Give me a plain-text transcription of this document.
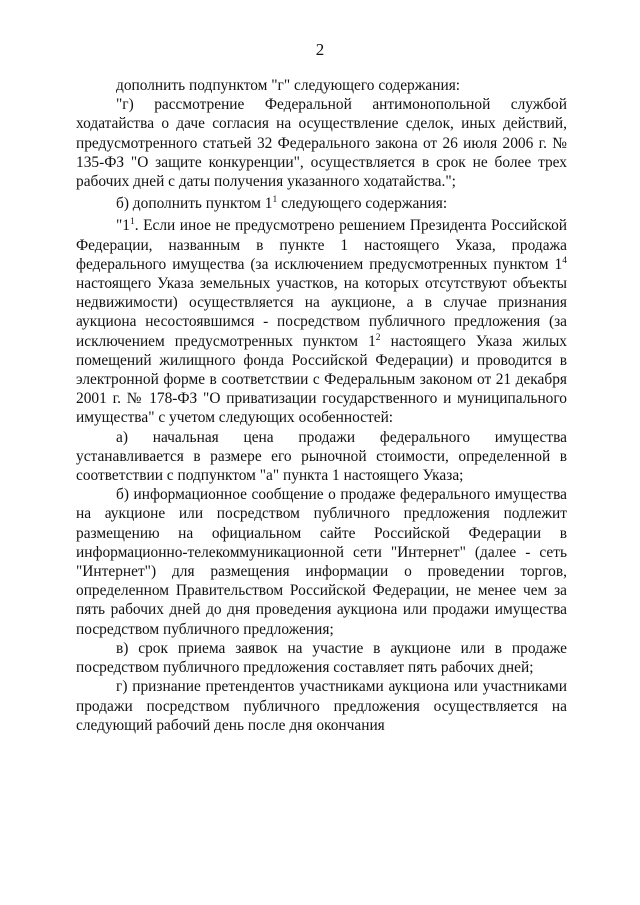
2

дополнить подпунктом "г" следующего содержания:

"г) рассмотрение Федеральной антимонопольной службой ходатайства о даче согласия на осуществление сделок, иных действий, предусмотренного статьей 32 Федерального закона от 26 июля 2006 г. № 135-ФЗ "О защите конкуренции", осуществляется в срок не более трех рабочих дней с даты получения указанного ходатайства.";

б) дополнить пунктом $1^1$ следующего содержания:

"$1^1$. Если иное не предусмотрено решением Президента Российской Федерации, названным в пункте 1 настоящего Указа, продажа федерального имущества (за исключением предусмотренных пунктом $1^4$ настоящего Указа земельных участков, на которых отсутствуют объекты недвижимости) осуществляется на аукционе, а в случае признания аукциона несостоявшимся - посредством публичного предложения (за исключением предусмотренных пунктом $1^2$ настоящего Указа жилых помещений жилищного фонда Российской Федерации) и проводится в электронной форме в соответствии с Федеральным законом от 21 декабря 2001 г. № 178-ФЗ "О приватизации государственного и муниципального имущества" с учетом следующих особенностей:

а) начальная цена продажи федерального имущества устанавливается в размере его рыночной стоимости, определенной в соответствии с подпунктом "а" пункта 1 настоящего Указа;

б) информационное сообщение о продаже федерального имущества на аукционе или посредством публичного предложения подлежит размещению на официальном сайте Российской Федерации в информационно-телекоммуникационной сети "Интернет" (далее - сеть "Интернет") для размещения информации о проведении торгов, определенном Правительством Российской Федерации, не менее чем за пять рабочих дней до дня проведения аукциона или продажи имущества посредством публичного предложения;

в) срок приема заявок на участие в аукционе или в продаже посредством публичного предложения составляет пять рабочих дней;

г) признание претендентов участниками аукциона или участниками продажи посредством публичного предложения осуществляется на следующий рабочий день после дня окончания
